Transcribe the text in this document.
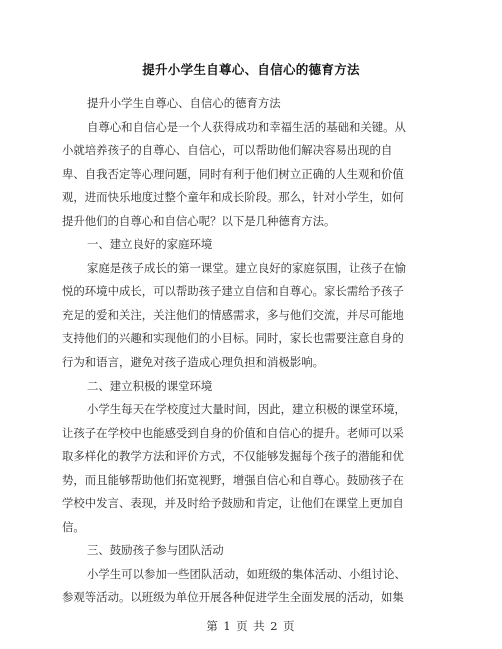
提升小学生自尊心、自信心的德育方法
提升小学生自尊心、自信心的德育方法
自尊心和自信心是一个人获得成功和幸福生活的基础和关键。从
小就培养孩子的自尊心、自信心，可以帮助他们解决容易出现的自
卑、自我否定等心理问题，同时有利于他们树立正确的人生观和价值
观，进而快乐地度过整个童年和成长阶段。那么，针对小学生，如何
提升他们的自尊心和自信心呢？以下是几种德育方法。
一、建立良好的家庭环境
家庭是孩子成长的第一课堂。建立良好的家庭氛围，让孩子在愉
悦的环境中成长，可以帮助孩子建立自信和自尊心。家长需给予孩子
充足的爱和关注，关注他们的情感需求，多与他们交流，并尽可能地
支持他们的兴趣和实现他们的小目标。同时，家长也需要注意自身的
行为和语言，避免对孩子造成心理负担和消极影响。
二、建立积极的课堂环境
小学生每天在学校度过大量时间，因此，建立积极的课堂环境，
让孩子在学校中也能感受到自身的价值和自信心的提升。老师可以采
取多样化的教学方法和评价方式，不仅能够发掘每个孩子的潜能和优
势，而且能够帮助他们拓宽视野，增强自信心和自尊心。鼓励孩子在
学校中发言、表现，并及时给予鼓励和肯定，让他们在课堂上更加自
信。
三、鼓励孩子参与团队活动
小学生可以参加一些团队活动，如班级的集体活动、小组讨论、
参观等活动。以班级为单位开展各种促进学生全面发展的活动，如集
第 1 页 共 2 页
